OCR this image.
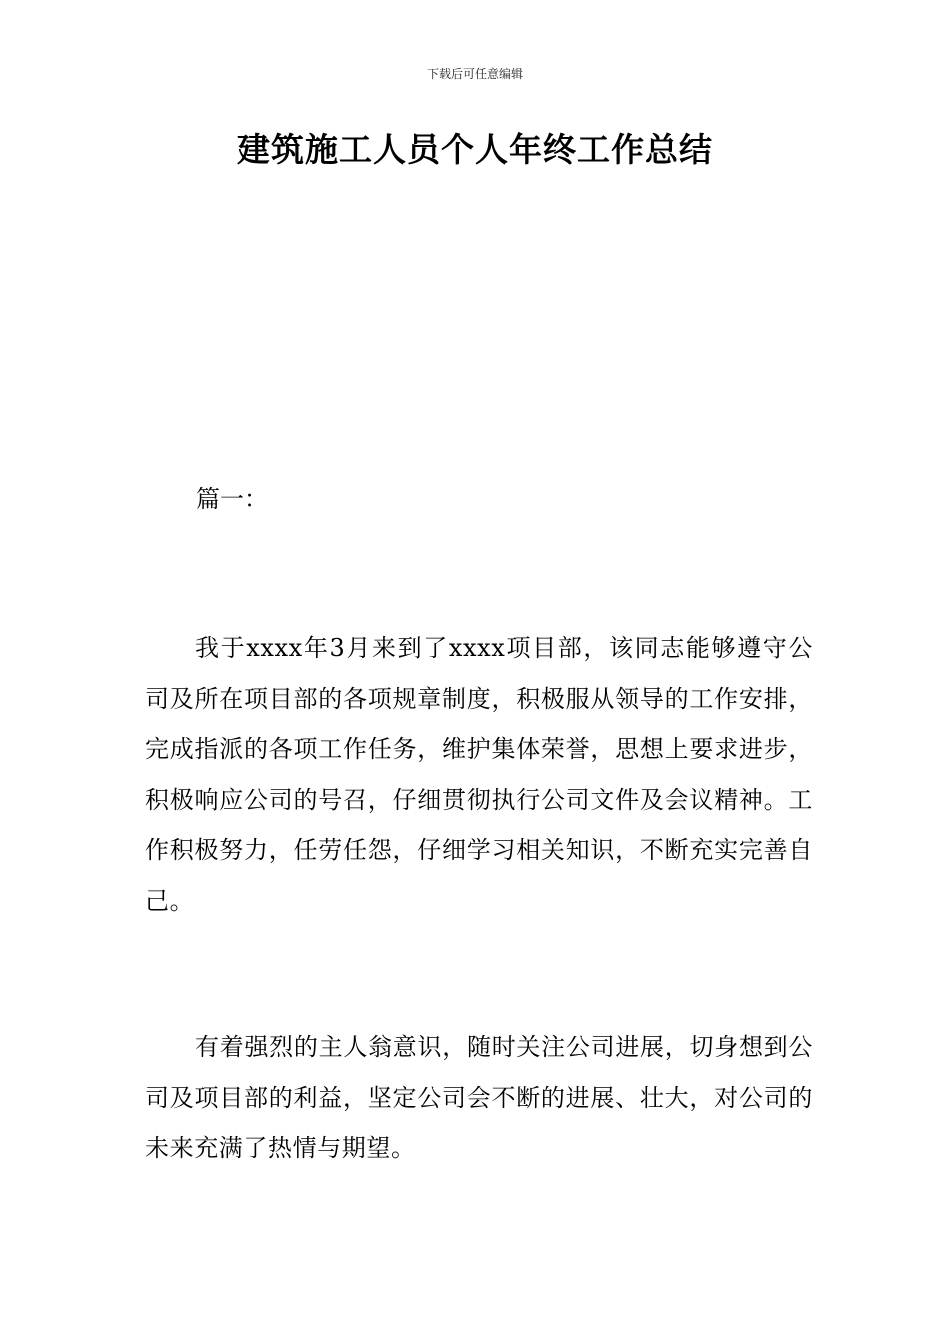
下载后可任意编辑
建筑施工人员个人年终工作总结
篇一：

我于xxxx年3月来到了xxxx项目部，该同志能够遵守公司及所在项目部的各项规章制度，积极服从领导的工作安排，完成指派的各项工作任务，维护集体荣誉，思想上要求进步，积极响应公司的号召，仔细贯彻执行公司文件及会议精神。工作积极努力，任劳任怨，仔细学习相关知识，不断充实完善自己。

有着强烈的主人翁意识，随时关注公司进展，切身想到公司及项目部的利益，坚定公司会不断的进展、壮大，对公司的未来充满了热情与期望。
